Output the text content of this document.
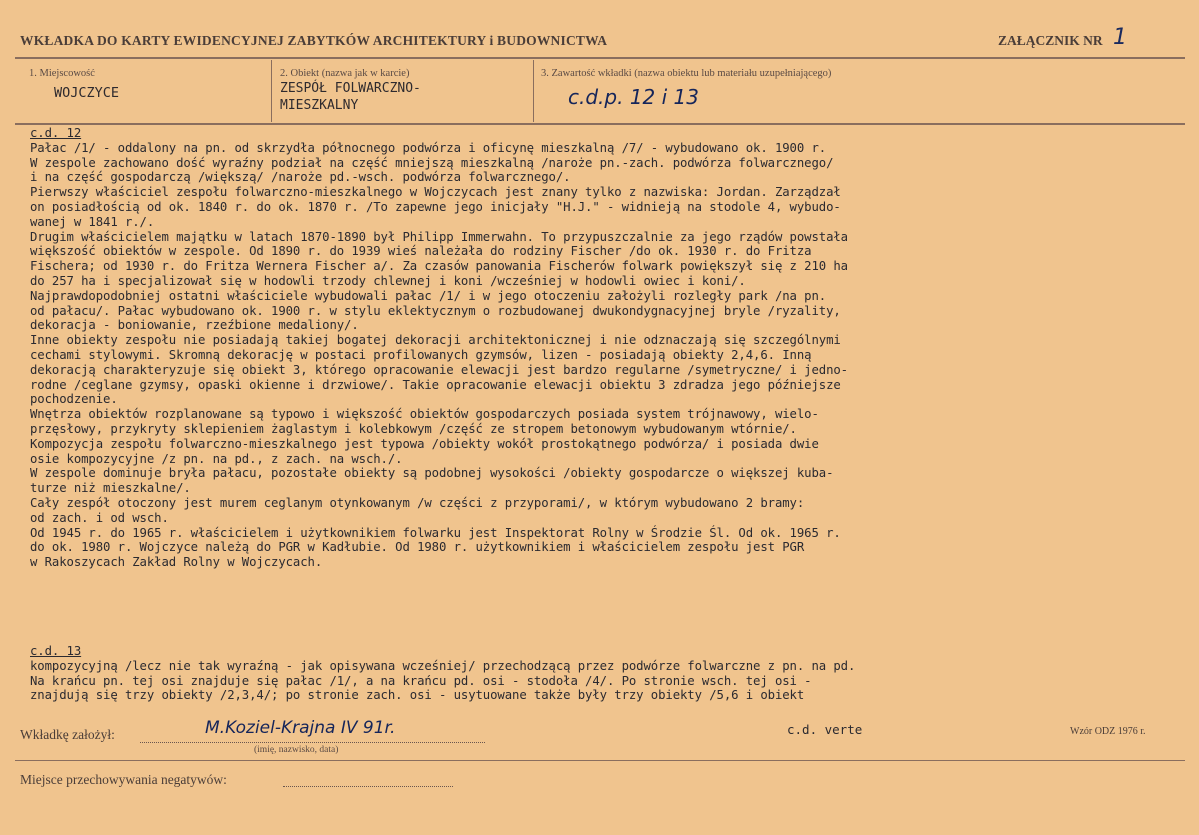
WKŁADKA DO KARTY EWIDENCYJNEJ ZABYTKÓW ARCHITEKTURY i BUDOWNICTWA	ZAŁĄCZNIK NR 1
1. Miejscowość
WOJCZYCE
2. Obiekt (nazwa jak w karcie)
ZESPÓŁ FOLWARCZNO-
MIESZKALNY
3. Zawartość wkładki (nazwa obiektu lub materiału uzupełniającego)
c.d.p. 12 i 13
c.d. 12
Pałac /1/ - oddalony na pn. od skrzydła północnego podwórza i oficynę mieszkalną /7/ - wybudowano ok. 1900 r.
W zespole zachowano dość wyraźny podział na część mniejszą mieszkalną /naroże pn.-zach. podwórza folwarcznego/
i na część gospodarczą /większą/ /naroże pd.-wsch. podwórza folwarcznego/.
Pierwszy właściciel zespołu folwarczno-mieszkalnego w Wojczycach jest znany tylko z nazwiska: Jordan. Zarządzał
on posiadłością od ok. 1840 r. do ok. 1870 r. /To zapewne jego inicjały "H.J." - widnieją na stodole 4, wybudo-
wanej w 1841 r./.
Drugim właścicielem majątku w latach 1870-1890 był Philipp Immerwahn. To przypuszczalnie za jego rządów powstała
większość obiektów w zespole. Od 1890 r. do 1939 wieś należała do rodziny Fischer /do ok. 1930 r. do Fritza
Fischera; od 1930 r. do Fritza Wernera Fischer a/. Za czasów panowania Fischerów folwark powiększył się z 210 ha
do 257 ha i specjalizował się w hodowli trzody chlewnej i koni /wcześniej w hodowli owiec i koni/.
Najprawdopodobniej ostatni właściciele wybudowali pałac /1/ i w jego otoczeniu założyli rozległy park /na pn.
od pałacu/. Pałac wybudowano ok. 1900 r. w stylu eklektycznym o rozbudowanej dwukondygnacyjnej bryle /ryzality,
dekoracja - boniowanie, rzeźbione medaliony/.
Inne obiekty zespołu nie posiadają takiej bogatej dekoracji architektonicznej i nie odznaczają się szczególnymi
cechami stylowymi. Skromną dekorację w postaci profilowanych gzymsów, lizen - posiadają obiekty 2,4,6. Inną
dekoracją charakteryzuje się obiekt 3, którego opracowanie elewacji jest bardzo regularne /symetryczne/ i jedno-
rodne /ceglane gzymsy, opaski okienne i drzwiowe/. Takie opracowanie elewacji obiektu 3 zdradza jego późniejsze
pochodzenie.
Wnętrza obiektów rozplanowane są typowo i większość obiektów gospodarczych posiada system trójnawowy, wielo-
przęsłowy, przykryty sklepieniem żaglastym i kolebkowym /część ze stropem betonowym wybudowanym wtórnie/.
Kompozycja zespołu folwarczno-mieszkalnego jest typowa /obiekty wokół prostokątnego podwórza/ i posiada dwie
osie kompozycyjne /z pn. na pd., z zach. na wsch./.
W zespole dominuje bryła pałacu, pozostałe obiekty są podobnej wysokości /obiekty gospodarcze o większej kuba-
turze niż mieszkalne/.
Cały zespół otoczony jest murem ceglanym otynkowanym /w części z przyporami/, w którym wybudowano 2 bramy:
od zach. i od wsch.
Od 1945 r. do 1965 r. właścicielem i użytkownikiem folwarku jest Inspektorat Rolny w Środzie Śl. Od ok. 1965 r.
do ok. 1980 r. Wojczyce należą do PGR w Kadłubie. Od 1980 r. użytkownikiem i właścicielem zespołu jest PGR
w Rakoszycach Zakład Rolny w Wojczycach.
c.d. 13
kompozycyjną /lecz nie tak wyraźną - jak opisywana wcześniej/ przechodzącą przez podwórze folwarczne z pn. na pd.
Na krańcu pn. tej osi znajduje się pałac /1/, a na krańcu pd. osi - stodoła /4/. Po stronie wsch. tej osi -
znajdują się trzy obiekty /2,3,4/; po stronie zach. osi - usytuowane także były trzy obiekty /5,6 i obiekt
Wkładkę założył:	M.Koziel-Krajna IV 91r.
(imię, nazwisko, data)
c.d. verte	Wzór ODZ 1976 r.
Miejsce przechowywania negatywów:
